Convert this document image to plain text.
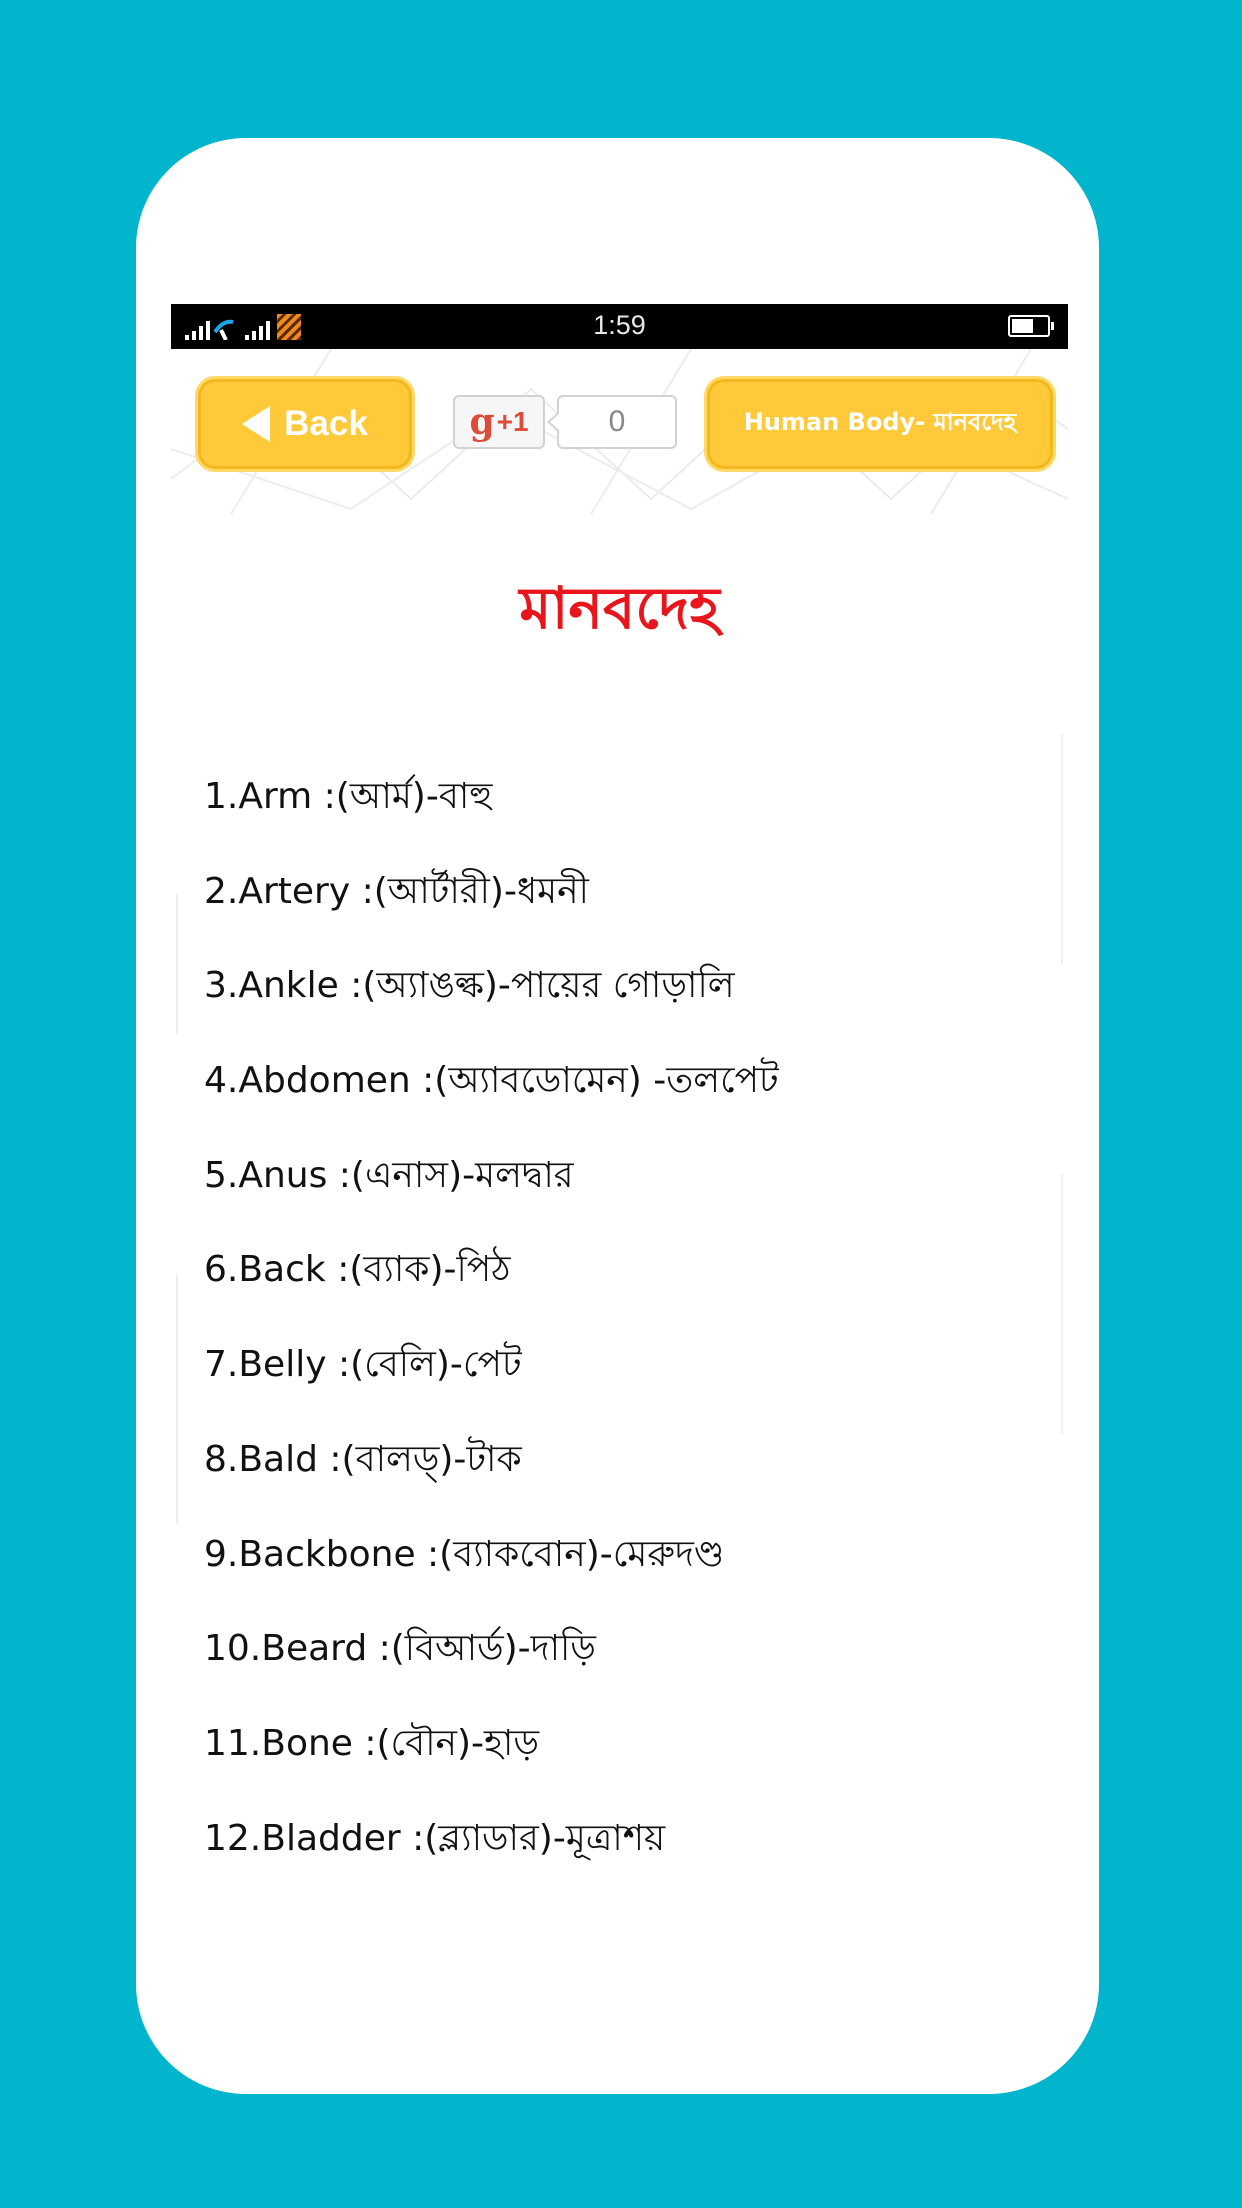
1:59
Back	g +1	0	Human Body- মানবদেহ
মানবদেহ
1.Arm :(আর্ম)-বাহু
2.Artery :(আর্টারী)-ধমনী
3.Ankle :(অ্যাঙল্ক)-পায়ের গোড়ালি
4.Abdomen :(অ্যাবডোমেন) -তলপেট
5.Anus :(এনাস)-মলদ্বার
6.Back :(ব্যাক)-পিঠ
7.Belly :(বেলি)-পেট
8.Bald :(বালড্)-টাক
9.Backbone :(ব্যাকবোন)-মেরুদণ্ড
10.Beard :(বিআর্ড)-দাড়ি
11.Bone :(বৌন)-হাড়
12.Bladder :(ব্ল্যাডার)-মূত্রাশয়
